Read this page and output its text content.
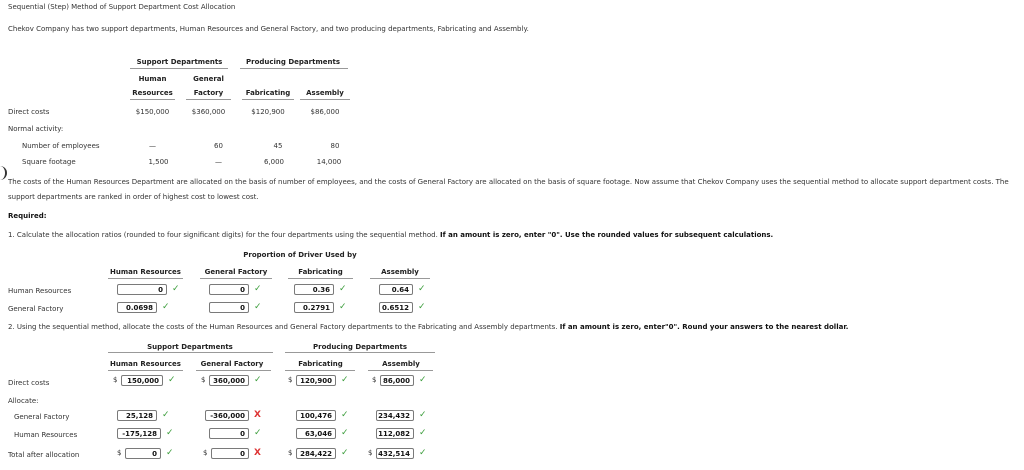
Sequential (Step) Method of Support Department Cost Allocation
Chekov Company has two support departments, Human Resources and General Factory, and two producing departments, Fabricating and Assembly.
Support Departments	Producing Departments
Human
Resources
General
Factory	Fabricating	Assembly
Direct costs	$150,000	$360,000	$120,900	$86,000
Normal activity:
Number of employees	—	60	45	80
Square footage	1,500	—	6,000	14,000
The costs of the Human Resources Department are allocated on the basis of number of employees, and the costs of General Factory are allocated on the basis of square footage. Now assume that Chekov Company uses the sequential method to allocate support department costs. The
support departments are ranked in order of highest cost to lowest cost.
Required:
1. Calculate the allocation ratios (rounded to four significant digits) for the four departments using the sequential method. If an amount is zero, enter "0". Use the rounded values for subsequent calculations.
Proportion of Driver Used by
Human Resources	General Factory	Fabricating	Assembly
Human Resources	0	✓	0	✓	0.36	✓	0.64	✓
General Factory	0.0698	✓	0	✓	0.2791	✓	0.6512	✓
2. Using the sequential method, allocate the costs of the Human Resources and General Factory departments to the Fabricating and Assembly departments. If an amount is zero, enter"0". Round your answers to the nearest dollar.
Support Departments	Producing Departments
Human Resources	General Factory	Fabricating	Assembly
Direct costs	$	150,000	✓	$	360,000	✓	$	120,900	✓	$ 86,000	✓
Allocate:
General Factory	25,128	✓	-360,000	X	100,476	✓	234,432	✓
Human Resources	-175,128	✓	0	✓	63,046	✓	112,082	✓
Total after allocation	$	0	✓	$	0	X	$	284,422	✓	$ 432,514	✓
